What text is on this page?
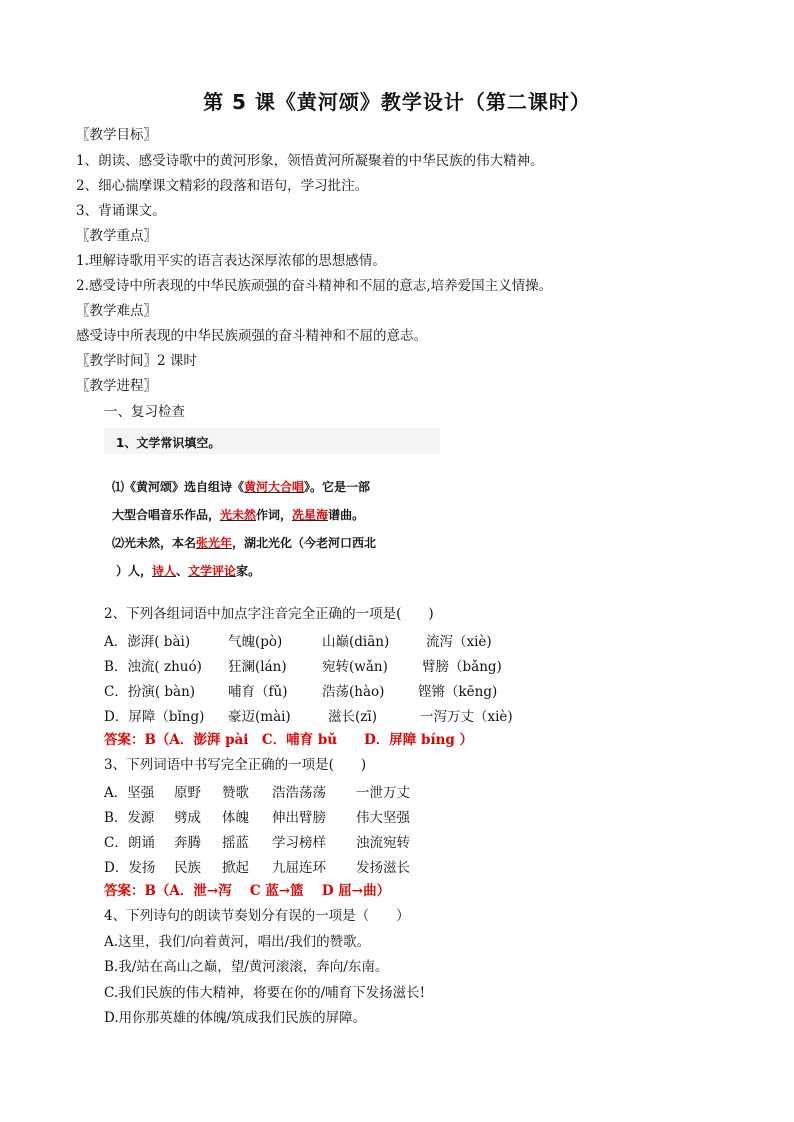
第 5 课《黄河颂》教学设计（第二课时）
〖教学目标〗
1、朗读、感受诗歌中的黄河形象，领悟黄河所凝聚着的中华民族的伟大精神。
2、细心揣摩课文精彩的段落和语句，学习批注。
3、背诵课文。
〖教学重点〗
1.理解诗歌用平实的语言表达深厚浓郁的思想感情。
2.感受诗中所表现的中华民族顽强的奋斗精神和不屈的意志,培养爱国主义情操。
〖教学难点〗
感受诗中所表现的中华民族顽强的奋斗精神和不屈的意志。
〖教学时间〗2 课时
〖教学进程〗
一、复习检查
1、文学常识填空。
⑴《黄河颂》选自组诗《黄河大合唱》。它是一部
大型合唱音乐作品，光未然作词，冼星海谱曲。
⑵光未然，本名张光年，湖北光化（今老河口西北
）人，诗人、文学评论家。
2、下列各组词语中加点字注音完全正确的一项是(　　)
A．澎湃( bài)	气魄(pò)	山巅(diān)	流泻（xiè)
B．浊流( zhuó) 狂澜(lán)	宛转(wǎn)	臂膀（bǎng)
C．扮演( bàn) 哺育（fǔ)	浩荡(hào) 铿锵（kēng)
D．屏障（bǐng) 豪迈(mài)	滋长(zī)	一泻万丈（xiè)
答案：B（A．澎湃 pài　C．哺育 bǔ　　D．屏障 bíng ）
3、下列词语中书写完全正确的一项是(　　)
A．坚强 原野 赞歌 浩浩荡荡 一泄万丈
B．发源 劈成 体魄 伸出臂膀 伟大坚强
C．朗诵 奔腾 摇蓝 学习榜样 浊流宛转
D．发扬 民族 掀起 九屈连环 发扬滋长
答案：B（A．泄→泻　 C 蓝→篮　 D 屈→曲）
4、下列诗句的朗读节奏划分有误的一项是（　　）
A.这里，我们/向着黄河，唱出/我们的赞歌。
B.我/站在高山之巅，望/黄河滚滚，奔向/东南。
C.我们民族的伟大精神，将要在你的/哺育下发扬滋长!
D.用你那英雄的体魄/筑成我们民族的屏障。
